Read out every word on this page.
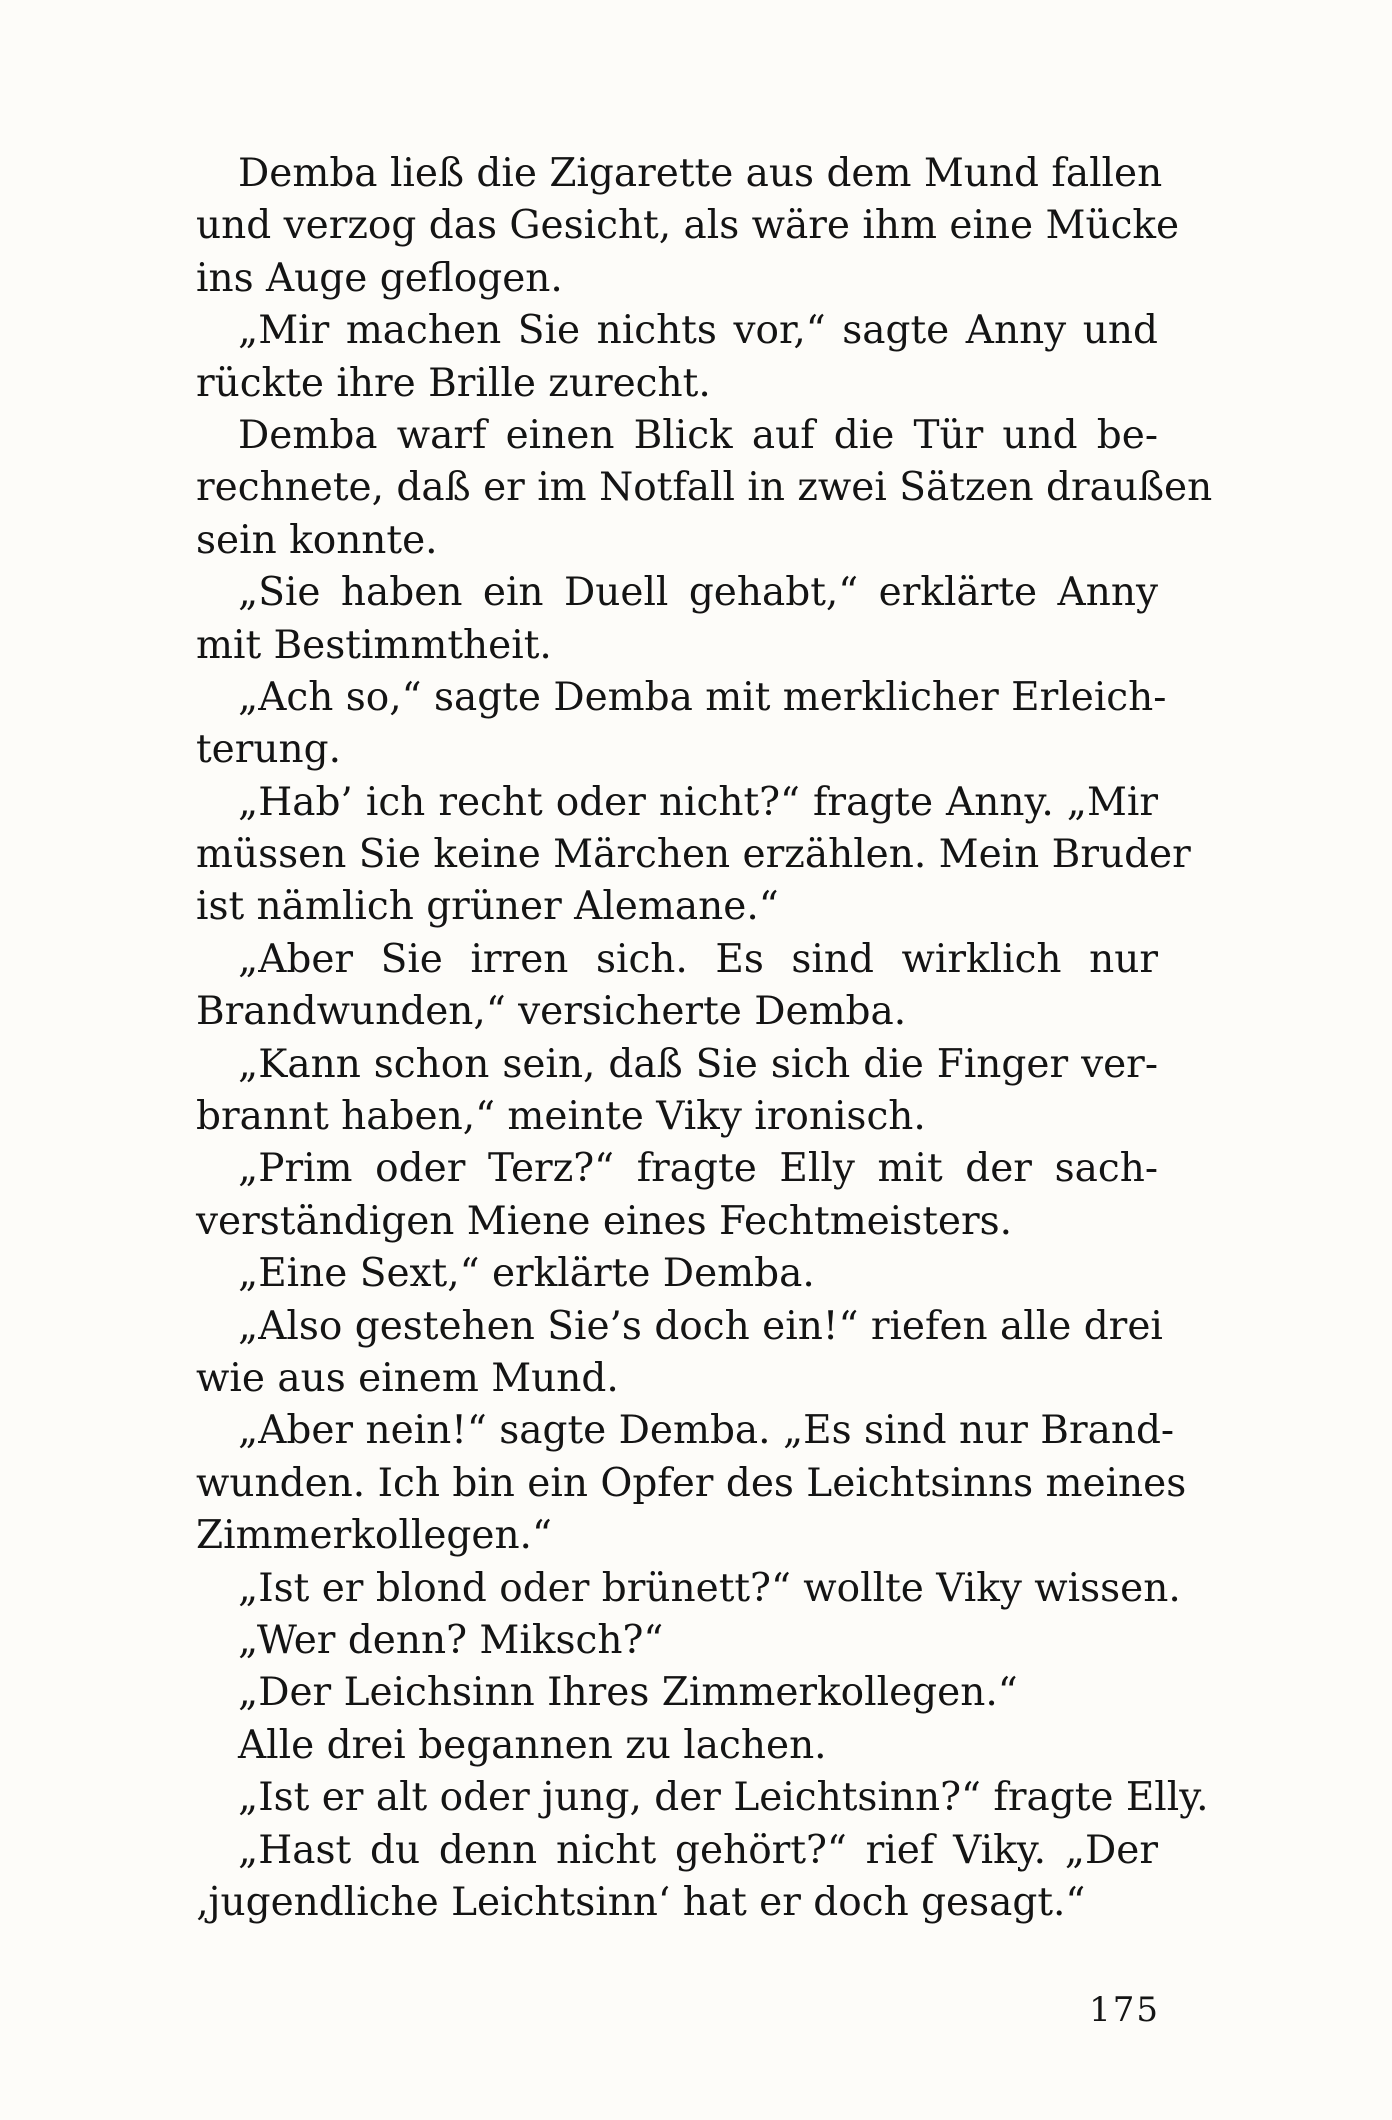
Demba ließ die Zigarette aus dem Mund fallen
und verzog das Gesicht, als wäre ihm eine Mücke
ins Auge geflogen.
„Mir machen Sie nichts vor,“ sagte Anny und
rückte ihre Brille zurecht.
Demba warf einen Blick auf die Tür und be-
rechnete, daß er im Notfall in zwei Sätzen draußen
sein konnte.
„Sie haben ein Duell gehabt,“ erklärte Anny
mit Bestimmtheit.
„Ach so,“ sagte Demba mit merklicher Erleich-
terung.
„Hab’ ich recht oder nicht?“ fragte Anny. „Mir
müssen Sie keine Märchen erzählen. Mein Bruder
ist nämlich grüner Alemane.“
„Aber Sie irren sich. Es sind wirklich nur
Brandwunden,“ versicherte Demba.
„Kann schon sein, daß Sie sich die Finger ver-
brannt haben,“ meinte Viky ironisch.
„Prim oder Terz?“ fragte Elly mit der sach-
verständigen Miene eines Fechtmeisters.
„Eine Sext,“ erklärte Demba.
„Also gestehen Sie’s doch ein!“ riefen alle drei
wie aus einem Mund.
„Aber nein!“ sagte Demba. „Es sind nur Brand-
wunden. Ich bin ein Opfer des Leichtsinns meines
Zimmerkollegen.“
„Ist er blond oder brünett?“ wollte Viky wissen.
„Wer denn? Miksch?“
„Der Leichsinn Ihres Zimmerkollegen.“
Alle drei begannen zu lachen.
„Ist er alt oder jung, der Leichtsinn?“ fragte Elly.
„Hast du denn nicht gehört?“ rief Viky. „Der
‚jugendliche Leichtsinn‘ hat er doch gesagt.“
175
